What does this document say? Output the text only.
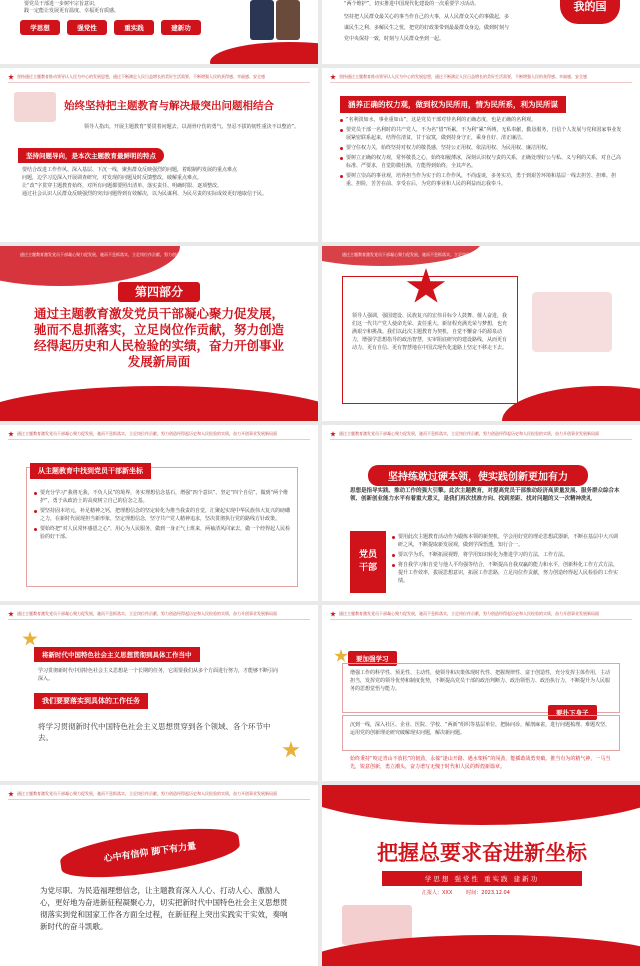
要党员干部进一步树牢宗旨意识，
践一定能让发展更有温度、幸福更有质感。
学思想	强党性	重实践	建新功
“两个维护”，切实推进中国现代化建设的一次重要学习活动。
坚持把人民群众最关心的事当作自己的大事，从人民群众关心的事做起，多
谋民生之利、多解民生之忧，把党的好政策带到最最群众身边，做到时刻与
党中央保持一致，时刻与人民群众坐到一起。
我的国
坚持通过主题教育推动领导认人民为中心的发展思想，通过不断满足人民日益增长的美好生活需要，不断增强人民的获得感、幸福感、安全感
始终坚持把主题教育与解决最突出问题相结合
领导人指出，开展主题教育“要贯着问题去，以刮骨疗伤的勇气、坚忍不拔的韧性重決不以整治”。
坚持问题导向，是本次主题教育最鲜明的特点
要结合改进工作作风、深入基层、下沉一线，聚焦群众反映强烈的问题，着眼制约发展的重点难点
问题，边学习边深入开展调查研究，对发现的问题及时反馈整改，破解重点难点。
让“改”字贯穿主题教育始终，对所有问题都要照出清单、落实责任、明确时限、逐项整改。
通过社会认识人民群众反映强烈的突出问题得到有效解决，以为民谋利、为民尽责的实际成效更好地取信于民。
坚持通过主题教育推动领导认人民为中心的发展思想，通过不断满足人民日益增长的美好生活需要，不断增强人民的获得感、幸福感、安全感
涵养正确的权力观，做到权为民所用，情为民所系，利为民所谋
“名利淡如水，事业重如山”，这是党员干部对待名利的正确态度，也是正确的名利观。
要党员干部一名利时的共产党人，不为名“惜”所累，不为利“累”所缚，无私奉献，勤恳服务，自信个人发展与党和国家事业发展紧密联系起来，结得住清贫，甘于寂寞，做到持身守正，乘身自好、清正廉洁。
要守住权力关，始终坚持对权力的敬畏感，坚持公正用权、依法用权、为民用权、廉洁用权。
要树立正确的权力观，常怀敬畏之心，始终如履薄冰，深刻认识权与责的关系，正确处理好公与私、义与利的关系，对自己高标准、严要求，自觉防微杜渐，方能得到始终，全其声名。
要树立崇高的事业观，培养担当作为实于的工作作风，不尚虚谈，多务实功，勇于到艰苦环境和基层一线去担苦、担难、担重、担险，苦苦在前、享受在后，为党的事业和人民的利益而忘我奉斗。
通过主题教育激发党员干部凝心聚力促发展，驰而不息抓落实，立足岗位作贡献，努力创造经得起历史和人民检验的实绩，奋力开创事业发展新局面
第四部分
通过主题教育激发党员干部凝心聚力促发展，驰而不息抓落实，立足岗位作贡献，努力创造经得起历史和人民检验的实绩，奋力开创事业发展新局面
通过主题教育激发党员干部凝心聚力促发展，驰而不息抓落实，立足岗位作贡献，努力创造经得起历史和人民检验的实绩，奋力开创事业发展新局面
领导人强调，强国建设、民族复兴的宏伟目标令人鼓舞、催人奋进，我们这一代共产党人使命光荣、责任重大。新征程充满光荣与梦想，也充满艰辛和挑战。我们以此次主题教育为契机，自觉不懈奋斗的源泉动力，增强学思想指导的政治智慧，实审阻底研究的建设路线，从而更有动力、更有自信、更有智慧地在中国式现代化道路上坚定不移走下去。
通过主题教育激发党员干部凝心聚力促发展，驰而不息抓落实，立足岗位作贡献，努力创造经得起历史和人民检验的实绩，奋力开创事业发展新局面
从主题教育中找到党员干部新坐标
要充分学习“我将无我，不负人民”的境界，务实理想信念基石，增强“四个意识”、坚定“四个自信”、做到“两个维护”，勇于从政治上的高度树立自己的信念之基。
要坚持固本培元，补足精神之钙，把理想信念的坚定转化为推当我责的自觉，汇聚起实现中华民族伟大复兴的磅礴之力，在新时代展现担当新形象，坚定理想信念，坚守共产党人精神追求，坚决贯彻执行党的路线方针政策。
要始终把“对人民常怀感恩之心”，用心为人民服务，做到一身正气上班来，两袖清风回家去，做一个经得起人民检验的好干部。
通过主题教育激发党员干部凝心聚力促发展，驰而不息抓落实，立足岗位作贡献，努力创造经得起历史和人民检验的实绩，奋力开创事业发展新局面
坚持练就过硬本领，使实践创新更加有力
思想是指导实践、推动工作的强大引擎。此次主题教育，对提高党员干部推动经济高质量发展、服务群众综合本领、创新创业能力水平有着重大意义，是我们再次找准方向、找到差距、找对问题的又一次精神洗礼
党员
干部
要用此次主题教育活动作为锻炼本领的新契机，学会用好党的理论思想武器新，不断在基层中大兴调研之风，不断提取新发展观，做到学深悟透，知行合一。
要以学为乐，不断拓展视野，将学用知识转化为推进学习的方法，工作方法。
将自我学习和自觉与他人平均强等结合，不断提高自我双赢的能力和水平，创新科化工作方式方法，提升工作效率，拔展思想意识，拓展工作思路，立足岗位作贡献，努力创造经得起人民检验的工作实绩。
通过主题教育激发党员干部凝心聚力促发展，驰而不息抓落实，立足岗位作贡献，努力创造经得起历史和人民检验的实绩，奋力开创事业发展新局面
将新时代中国特色社会主义思想贯彻到具体工作当中
学习贯彻新时代中国特色社会主义思想是一个长期的任务，它需要我们从多个方面进行努力，才能够不断引向深入。
我们要要落实到具体的工作任务
将学习贯彻新时代中国特色社会主义思想贯穿到各个领域、各个环节中去。
通过主题教育激发党员干部凝心聚力促发展，驰而不息抓落实，立足岗位作贡献，努力创造经得起历史和人民检验的实绩，奋力开创事业发展新局面
要加强学习
增强工作的科学性、预见性、主动性，使领导和决策体现时代性、把握规律性、富于创造性，充分发挥主体作用，主动担当，发挥党的领导优势和制度优势，不断提高党员干部的政治判断力、政治领悟力、政治执行力，不断提升为人民服务的思想觉悟与能力。
要扑下身子
沉到一线，深入社区、企业、医院、学校、“两新”组织等基层单位，把脉问诊，解剖麻雀，进行问题梳理、难题攻坚，运用党的创新理论研究破解现实问题，解决新问题。
始终秉持“咬定青山不放松”的韧劲，永葆“逢山开路、遇水架桥”的闯劲，能插敢战勇突破、推当有为的精气神，一马当先，锐意创新，勇立潮头，奋力谱写无愧于时代和人民的辉煌新篇章。
通过主题教育激发党员干部凝心聚力促发展，驰而不息抓落实，立足岗位作贡献，努力创造经得起历史和人民检验的实绩，奋力开创事业发展新局面
心中有信仰 脚下有力量
为党尽职、为民造福理想信念，让主题教育深入人心、打动人心、激励人心，更好地为奋进新征程凝聚心力，切实把新时代中国特色社会主义思想贯彻落实到党和国家工作各方面全过程，在新征程上突出实践实干实效，奏响新时代的奋斗凯歌。
把握总要求奋进新坐标
学思想 强党性 重实践 建新功
汇报人：XXX	时间：2023.12.04
